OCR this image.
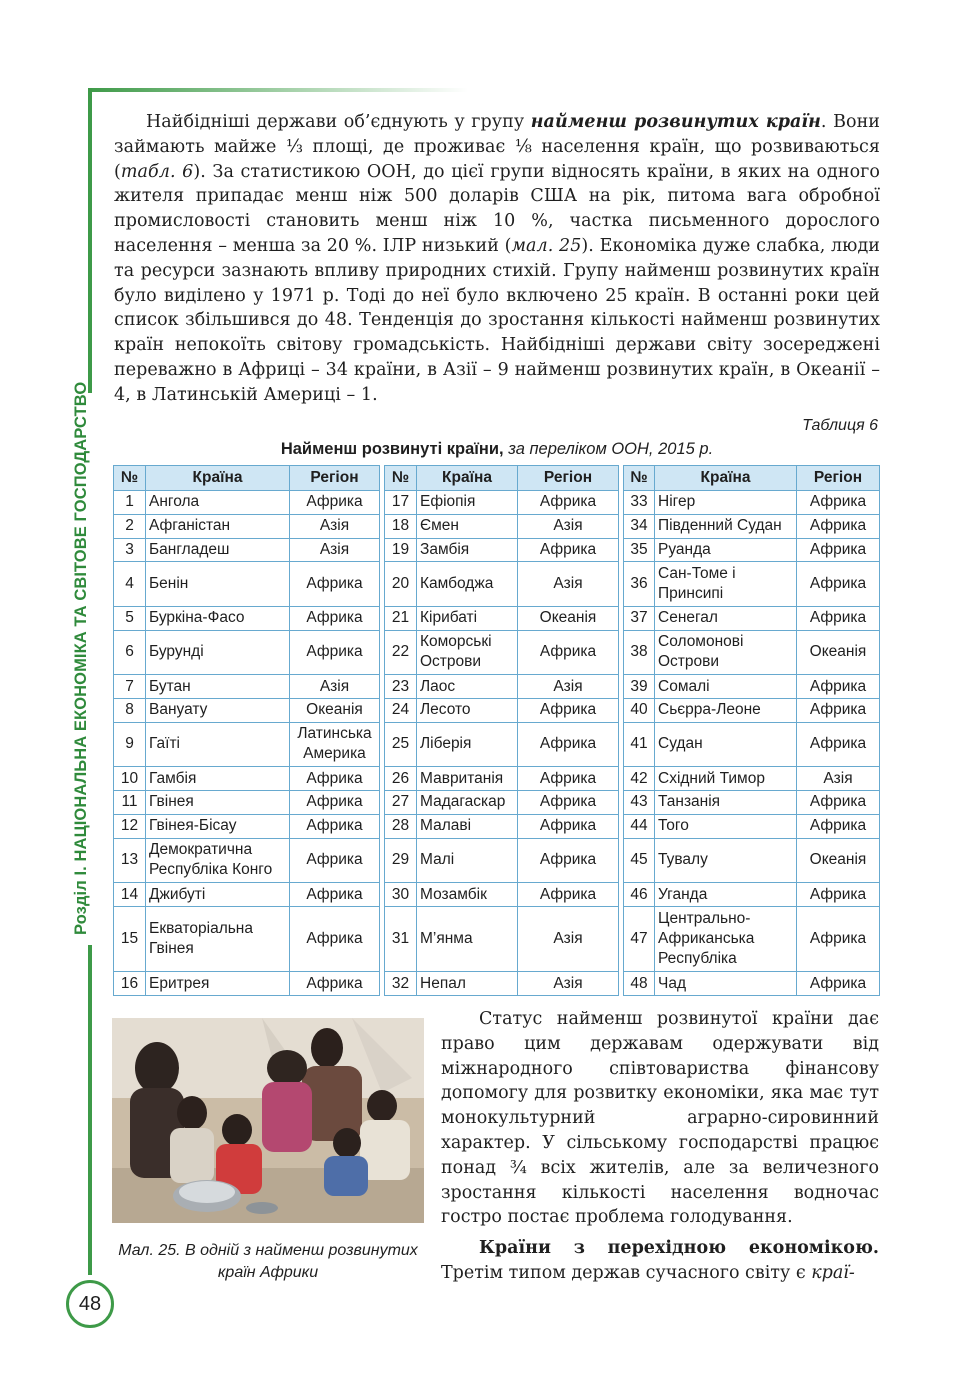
Розділ I. НАЦІОНАЛЬНА ЕКОНОМІКА ТА СВІТОВЕ ГОСПОДАРСТВО
48
Найбідніші держави об’єднують у групу найменш розвинутих країн. Вони займають майже ⅓ площі, де проживає ⅛ населення країн, що розвиваються (табл. 6). За статистикою ООН, до цієї групи відносять країни, в яких на одного жителя припадає менш ніж 500 доларів США на рік, питома вага обробної промисловості становить менш ніж 10 %, частка письменного дорослого населення – менша за 20 %. ІЛР низький (мал. 25). Економіка дуже слабка, люди та ресурси зазнають впливу природних стихій. Групу найменш розвинутих країн було виділено у 1971 р. Тоді до неї було включено 25 країн. В останні роки цей список збільшився до 48. Тенденція до зростання кількості найменш розвинутих країн непокоїть світову громадськість. Найбідніші держави світу зосереджені переважно в Африці – 34 країни, в Азії – 9 найменш розвинутих країн, в Океанії – 4, в Латинській Америці – 1.
Таблиця 6
Найменш розвинуті країни, за переліком ООН, 2015 р.
№	Країна	Регіон		№	Країна	Регіон		№	Країна	Регіон
1	Ангола	Африка		17	Ефіопія	Африка		33	Нігер	Африка
2	Афганістан	Азія		18	Ємен	Азія		34	Південний Судан	Африка
3	Бангладеш	Азія		19	Замбія	Африка		35	Руанда	Африка
4	Бенін	Африка		20	Камбоджа	Азія		36	Сан-Томе і Принсипі	Африка
5	Буркіна-Фасо	Африка		21	Кірибаті	Океанія		37	Сенегал	Африка
6	Бурунді	Африка		22	Коморські Острови	Африка		38	Соломонові Острови	Океанія
7	Бутан	Азія		23	Лаос	Азія		39	Сомалі	Африка
8	Вануату	Океанія		24	Лесото	Африка		40	Сьєрра-Леоне	Африка
9	Гаїті	Латинська Америка		25	Ліберія	Африка		41	Судан	Африка
10	Гамбія	Африка		26	Мавританія	Африка		42	Східний Тимор	Азія
11	Гвінея	Африка		27	Мадагаскар	Африка		43	Танзанія	Африка
12	Гвінея-Бісау	Африка		28	Малаві	Африка		44	Того	Африка
13	Демократична Республіка Конго	Африка		29	Малі	Африка		45	Тувалу	Океанія
14	Джибуті	Африка		30	Мозамбік	Африка		46	Уганда	Африка
15	Екваторіальна Гвінея	Африка		31	М’янма	Азія		47	Центрально-Африканська Республіка	Африка
16	Еритрея	Африка		32	Непал	Азія		48	Чад	Африка
Мал. 25. В одній з найменш розвинутих країн Африки
Статус найменш розвинутої країни дає право цим державам одержувати від міжнародного співтовариства фінансову допомогу для розвитку економіки, яка має тут монокультурний аграрно-сировинний характер. У сільському господарстві працює понад ¾ всіх жителів, але за величезного зростання кількості населення водночас гостро постає проблема голодування.
Країни з перехідною економікою. Третім типом держав сучасного світу є краї-
